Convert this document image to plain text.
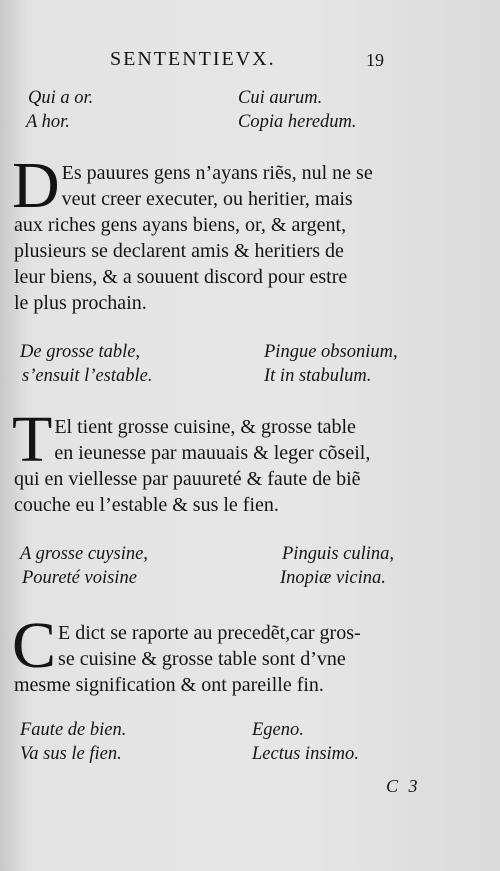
SENTENTIEVX.	19
Qui a or.	Cui aurum.
A hor.	Copia heredum.
D Es pauures gens n’ayans riẽs, nul ne se
veut creer executer, ou heritier, mais
aux riches gens ayans biens, or, & argent,
plusieurs se declarent amis & heritiers de
leur biens, & a souuent discord pour estre
le plus prochain.
De grosse table,	Pingue obsonium,
s’ensuit l’estable.	It in stabulum.
T El tient grosse cuisine, & grosse table
en ieunesse par mauuais & leger cõseil,
qui en viellesse par pauureté & faute de biẽ
couche eu l’estable & sus le fien.
A grosse cuysine,	Pinguis culina,
Poureté voisine	Inopiæ vicina.
C E dict se raporte au precedẽt,car gros-
se cuisine & grosse table sont d’vne
mesme signification & ont pareille fin.
Faute de bien.	Egeno.
Va sus le fien.	Lectus insimo.
C 3
